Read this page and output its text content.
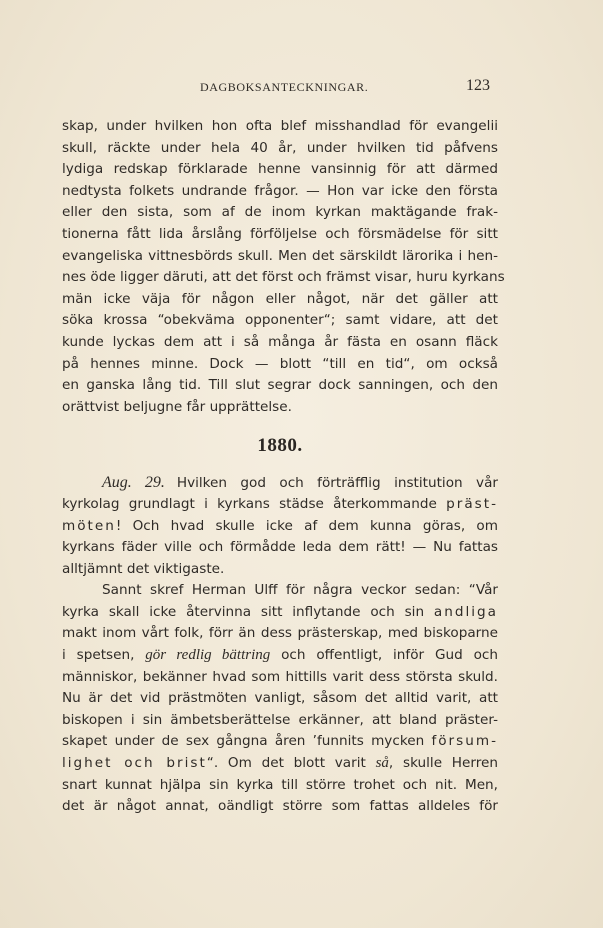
DAGBOKSANTECKNINGAR.	123
skap, under hvilken hon ofta blef misshandlad för evangelii
skull, räckte under hela 40 år, under hvilken tid påfvens
lydiga redskap förklarade henne vansinnig för att därmed
nedtysta folkets undrande frågor. — Hon var icke den första
eller den sista, som af de inom kyrkan maktägande frak-
tionerna fått lida årslång förföljelse och försmädelse för sitt
evangeliska vittnesbörds skull. Men det särskildt lärorika i hen-
nes öde ligger däruti, att det först och främst visar, huru kyrkans
män icke väja för någon eller något, när det gäller att
söka krossa “obekväma opponenter“; samt vidare, att det
kunde lyckas dem att i så många år fästa en osann fläck
på hennes minne. Dock — blott “till en tid“, om också
en ganska lång tid. Till slut segrar dock sanningen, och den
orättvist beljugne får upprättelse.
1880.
Aug. 29. Hvilken god och förträfflig institution vår
kyrkolag grundlagt i kyrkans städse återkommande präst-
möten! Och hvad skulle icke af dem kunna göras, om
kyrkans fäder ville och förmådde leda dem rätt! — Nu fattas
alltjämnt det viktigaste.
Sannt skref Herman Ulff för några veckor sedan: “Vår
kyrka skall icke återvinna sitt inflytande och sin andliga
makt inom vårt folk, förr än dess prästerskap, med biskoparne
i spetsen, gör redlig bättring och offentligt, inför Gud och
människor, bekänner hvad som hittills varit dess största skuld.
Nu är det vid prästmöten vanligt, såsom det alltid varit, att
biskopen i sin ämbetsberättelse erkänner, att bland präster-
skapet under de sex gångna åren ’funnits mycken försum-
lighet och brist“. Om det blott varit så, skulle Herren
snart kunnat hjälpa sin kyrka till större trohet och nit. Men,
det är något annat, oändligt större som fattas alldeles för
